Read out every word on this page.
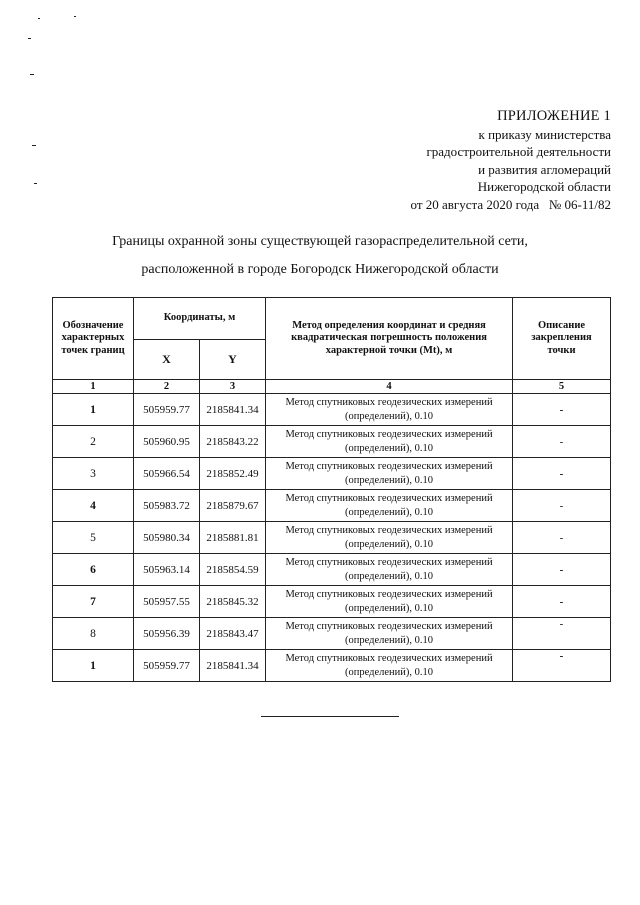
ПРИЛОЖЕНИЕ 1
к приказу министерства
градостроительной деятельности
и развития агломераций
Нижегородской области
от 20 августа 2020 года   № 06-11/82
Границы охранной зоны существующей газораспределительной сети,
расположенной в городе Богородск Нижегородской области
Обозначение характерных точек границ	Координаты, м		Метод определения координат и средняя квадратическая погрешность положения характерной точки (Mt), м	Описание закрепления точки
	X	Y		
1	2	3	4	5
1	505959.77	2185841.34	Метод спутниковых геодезических измерений (определений), 0.10	-
2	505960.95	2185843.22	Метод спутниковых геодезических измерений (определений), 0.10	-
3	505966.54	2185852.49	Метод спутниковых геодезических измерений (определений), 0.10	-
4	505983.72	2185879.67	Метод спутниковых геодезических измерений (определений), 0.10	-
5	505980.34	2185881.81	Метод спутниковых геодезических измерений (определений), 0.10	-
6	505963.14	2185854.59	Метод спутниковых геодезических измерений (определений), 0.10	-
7	505957.55	2185845.32	Метод спутниковых геодезических измерений (определений), 0.10	-
8	505956.39	2185843.47	Метод спутниковых геодезических измерений (определений), 0.10	-
1	505959.77	2185841.34	Метод спутниковых геодезических измерений (определений), 0.10	-
